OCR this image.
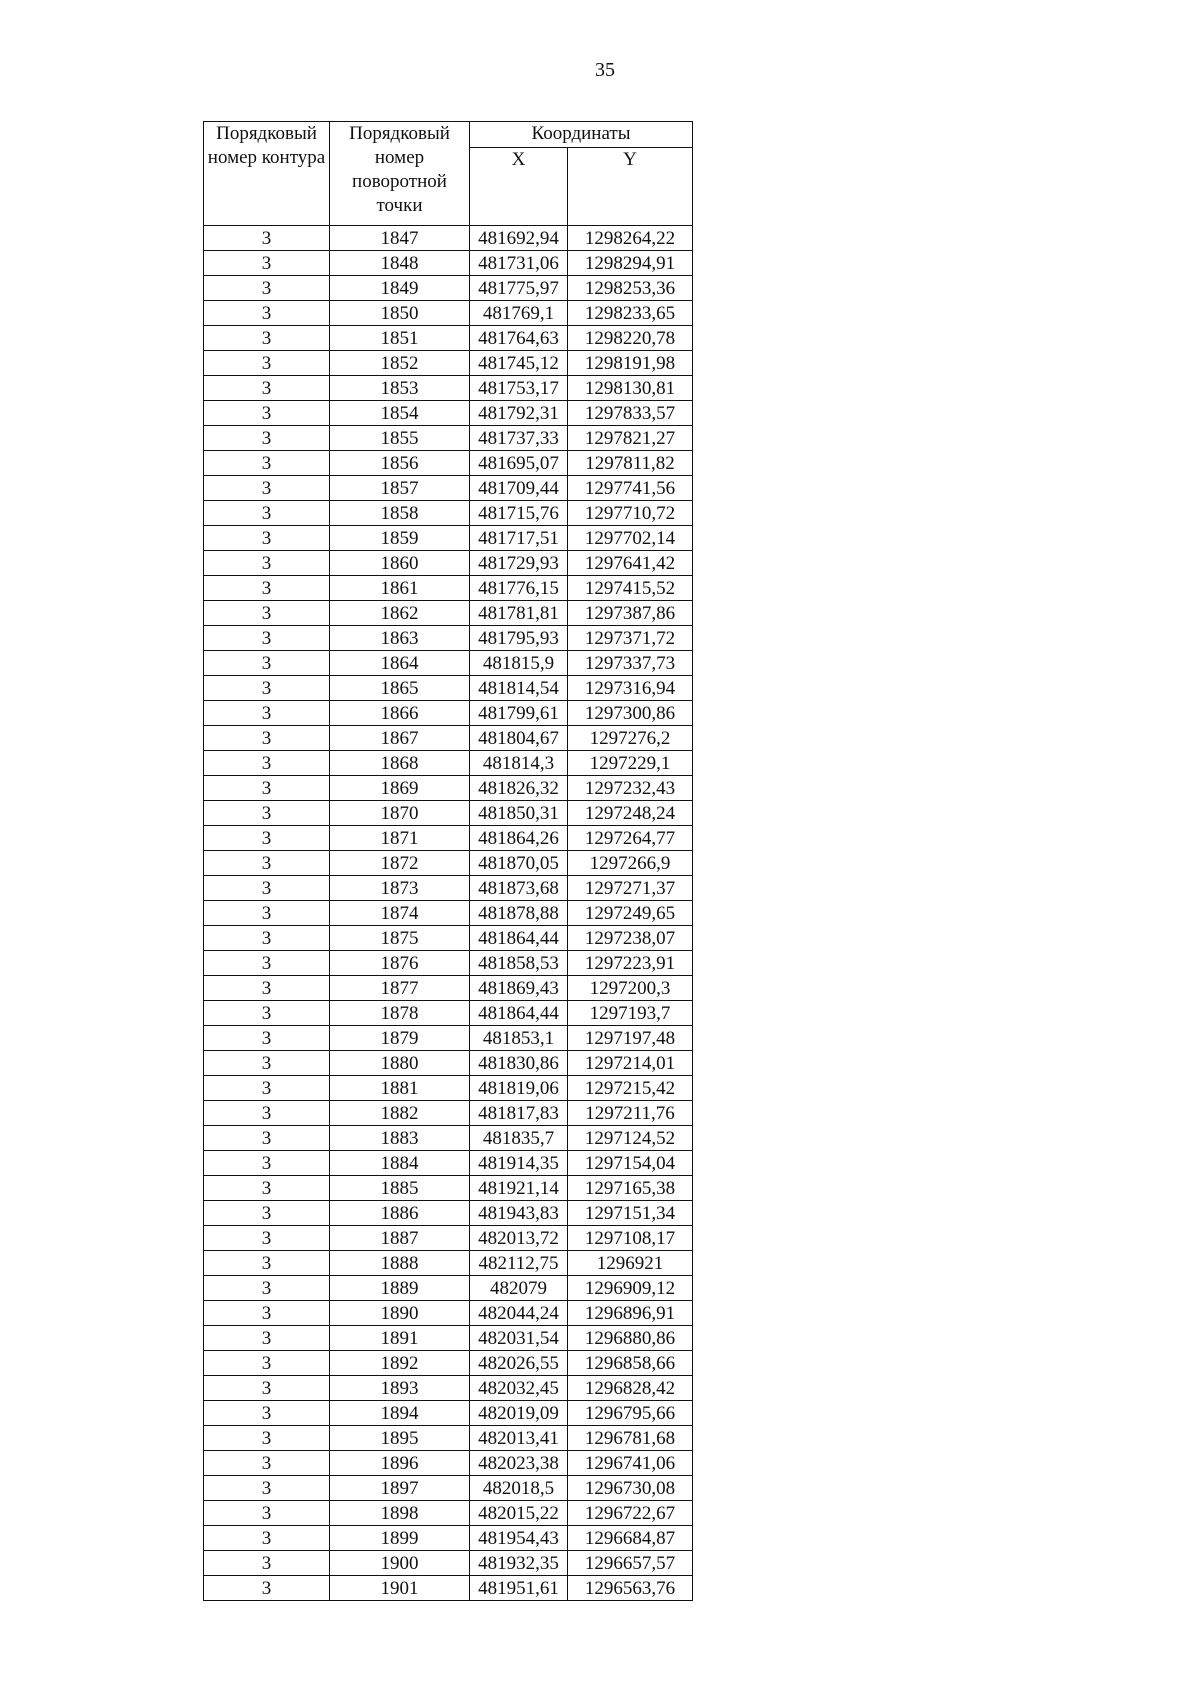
35
Порядковый
номер контура	Порядковый
номер
поворотной
точки	Координаты	
		X	Y
3	1847	481692,94	1298264,22
3	1848	481731,06	1298294,91
3	1849	481775,97	1298253,36
3	1850	481769,1	1298233,65
3	1851	481764,63	1298220,78
3	1852	481745,12	1298191,98
3	1853	481753,17	1298130,81
3	1854	481792,31	1297833,57
3	1855	481737,33	1297821,27
3	1856	481695,07	1297811,82
3	1857	481709,44	1297741,56
3	1858	481715,76	1297710,72
3	1859	481717,51	1297702,14
3	1860	481729,93	1297641,42
3	1861	481776,15	1297415,52
3	1862	481781,81	1297387,86
3	1863	481795,93	1297371,72
3	1864	481815,9	1297337,73
3	1865	481814,54	1297316,94
3	1866	481799,61	1297300,86
3	1867	481804,67	1297276,2
3	1868	481814,3	1297229,1
3	1869	481826,32	1297232,43
3	1870	481850,31	1297248,24
3	1871	481864,26	1297264,77
3	1872	481870,05	1297266,9
3	1873	481873,68	1297271,37
3	1874	481878,88	1297249,65
3	1875	481864,44	1297238,07
3	1876	481858,53	1297223,91
3	1877	481869,43	1297200,3
3	1878	481864,44	1297193,7
3	1879	481853,1	1297197,48
3	1880	481830,86	1297214,01
3	1881	481819,06	1297215,42
3	1882	481817,83	1297211,76
3	1883	481835,7	1297124,52
3	1884	481914,35	1297154,04
3	1885	481921,14	1297165,38
3	1886	481943,83	1297151,34
3	1887	482013,72	1297108,17
3	1888	482112,75	1296921
3	1889	482079	1296909,12
3	1890	482044,24	1296896,91
3	1891	482031,54	1296880,86
3	1892	482026,55	1296858,66
3	1893	482032,45	1296828,42
3	1894	482019,09	1296795,66
3	1895	482013,41	1296781,68
3	1896	482023,38	1296741,06
3	1897	482018,5	1296730,08
3	1898	482015,22	1296722,67
3	1899	481954,43	1296684,87
3	1900	481932,35	1296657,57
3	1901	481951,61	1296563,76
